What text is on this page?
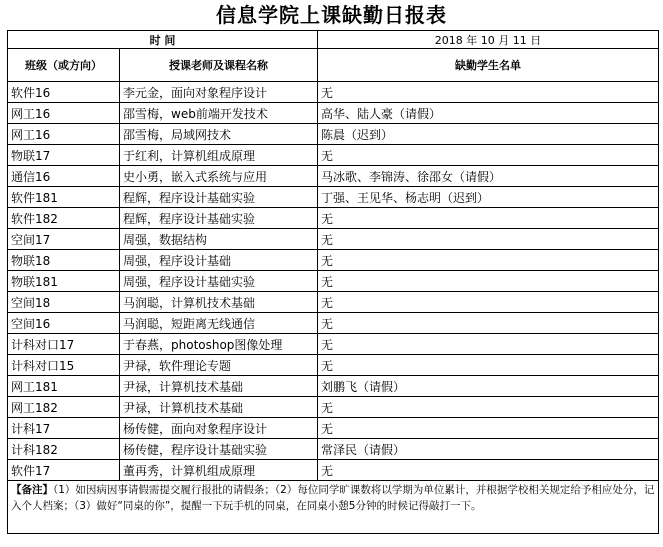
信息学院上课缺勤日报表
时 间		2018 年 10 月 11 日
班级（或方向）	授课老师及课程名称	缺勤学生名单
软件16	李元金，面向对象程序设计	无
网工16	邵雪梅，web前端开发技术	高华、陆人豪（请假）
网工16	邵雪梅，局域网技术	陈晨（迟到）
物联17	于红利，计算机组成原理	无
通信16	史小勇，嵌入式系统与应用	马冰歌、李锦涛、徐邵女（请假）
软件181	程辉，程序设计基础实验	丁强、王见华、杨志明（迟到）
软件182	程辉，程序设计基础实验	无
空间17	周强，数据结构	无
物联18	周强，程序设计基础	无
物联181	周强，程序设计基础实验	无
空间18	马润聪，计算机技术基础	无
空间16	马润聪，短距离无线通信	无
计科对口17	于春燕，photoshop图像处理	无
计科对口15	尹禄，软件理论专题	无
网工181	尹禄，计算机技术基础	刘鹏飞（请假）
网工182	尹禄，计算机技术基础	无
计科17	杨传健，面向对象程序设计	无
计科182	杨传健，程序设计基础实验	常泽民（请假）
软件17	董再秀，计算机组成原理	无
【备注】（1）如因病因事请假需提交履行报批的请假条；（2）每位同学旷课数将以学期为单位累计，并根据学校相关规定给予相应处分，记入个人档案；（3）做好“同桌的你”，提醒一下玩手机的同桌，在同桌小憩5分钟的时候记得敲打一下。		
